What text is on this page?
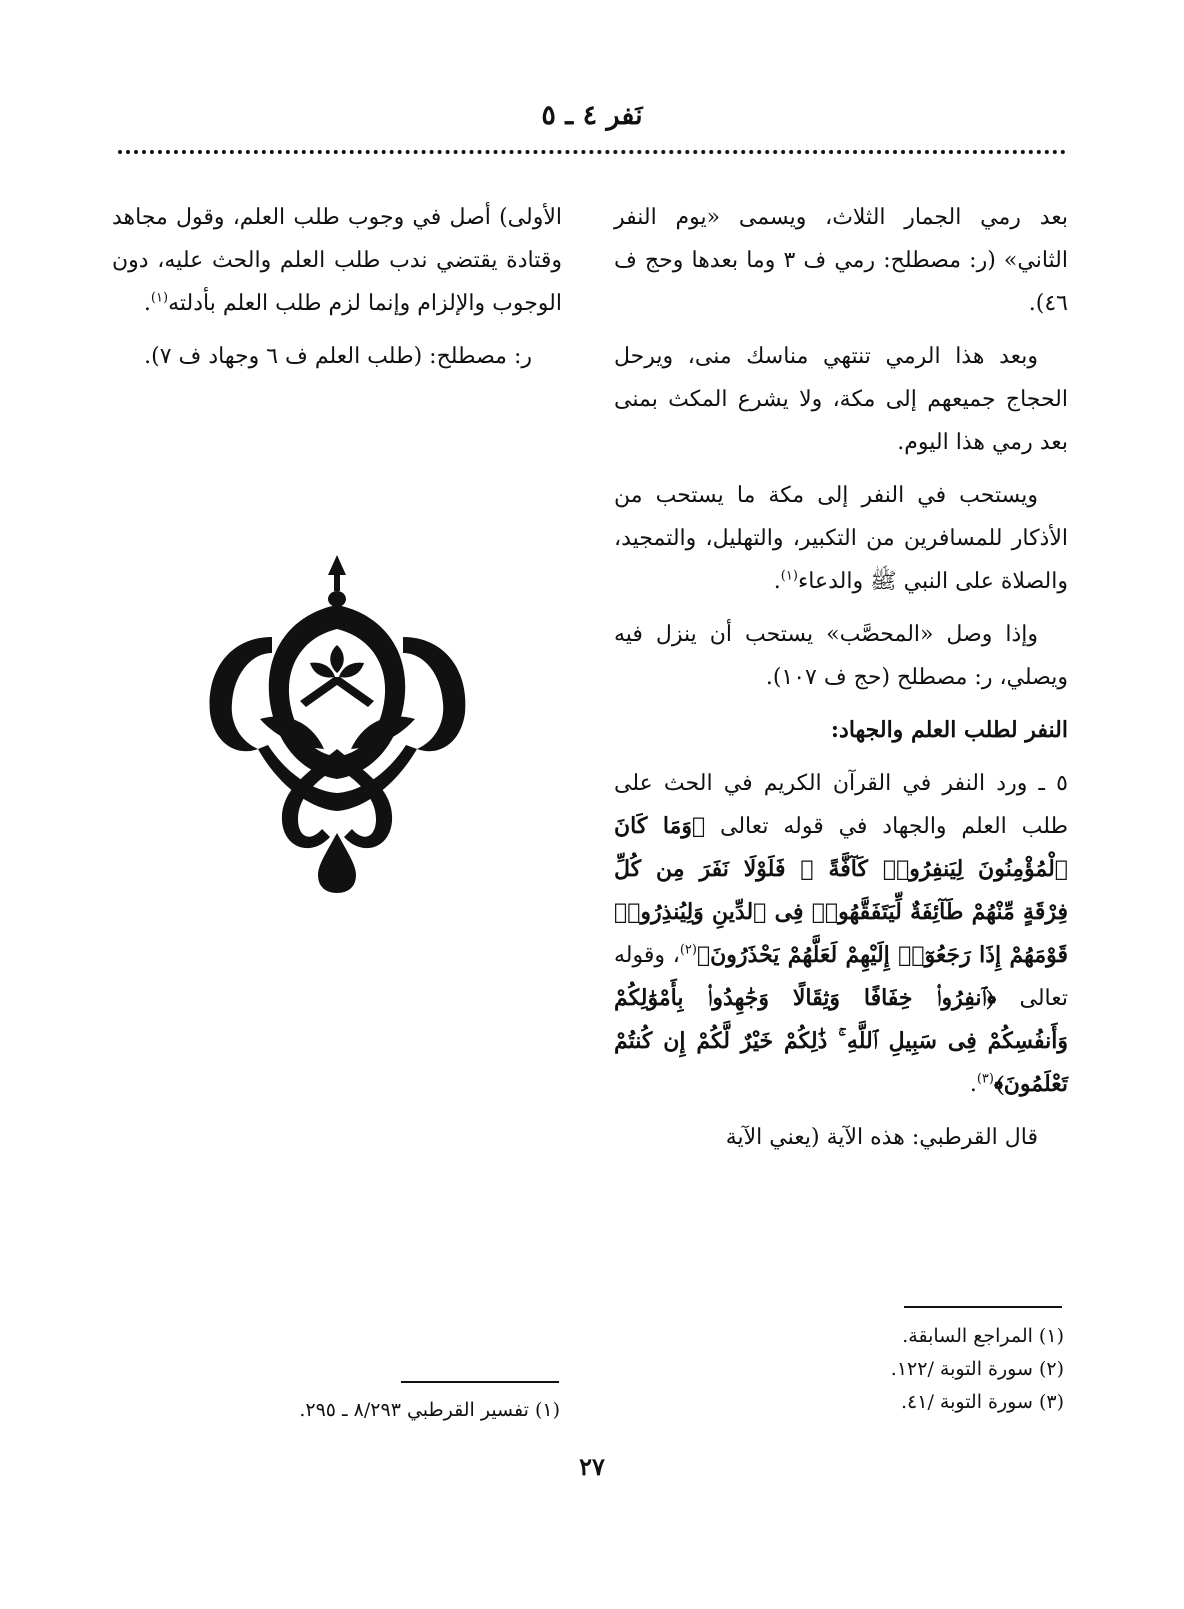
نَفر ٤ ـ ٥

بعد رمي الجمار الثلاث، ويسمى «يوم النفر الثاني» (ر: مصطلح: رمي ف ٣ وما بعدها وحج ف ٤٦).

وبعد هذا الرمي تنتهي مناسك منى، ويرحل الحجاج جميعهم إلى مكة، ولا يشرع المكث بمنى بعد رمي هذا اليوم.

ويستحب في النفر إلى مكة ما يستحب من الأذكار للمسافرين من التكبير، والتهليل، والتمجيد، والصلاة على النبي ﷺ والدعاء$^{(١)}$.

وإذا وصل «المحصَّب» يستحب أن ينزل فيه ويصلي، ر: مصطلح (حج ف ١٠٧).

النفر لطلب العلم والجهاد:

٥ ـ ورد النفر في القرآن الكريم في الحث على طلب العلم والجهاد في قوله تعالى ﴿وَمَا كَانَ ٱلْمُؤْمِنُونَ لِيَنفِرُوا۟ كَآفَّةً ۚ فَلَوْلَا نَفَرَ مِن كُلِّ فِرْقَةٍ مِّنْهُمْ طَآئِفَةٌ لِّيَتَفَقَّهُوا۟ فِى ٱلدِّينِ وَلِيُنذِرُوا۟ قَوْمَهُمْ إِذَا رَجَعُوٓا۟ إِلَيْهِمْ لَعَلَّهُمْ يَحْذَرُونَ﴾$^{(٢)}$، وقوله تعالى ﴿ٱنفِرُوا۟ خِفَافًا وَثِقَالًا وَجَٰهِدُوا۟ بِأَمْوَٰلِكُمْ وَأَنفُسِكُمْ فِى سَبِيلِ ٱللَّهِ ۚ ذَٰلِكُمْ خَيْرٌ لَّكُمْ إِن كُنتُمْ تَعْلَمُونَ﴾$^{(٣)}$.

قال القرطبي: هذه الآية (يعني الآية

الأولى) أصل في وجوب طلب العلم، وقول مجاهد وقتادة يقتضي ندب طلب العلم والحث عليه، دون الوجوب والإلزام وإنما لزم طلب العلم بأدلته$^{(١)}$.

ر: مصطلح: (طلب العلم ف ٦ وجهاد ف ٧).

(١) المراجع السابقة.
(٢) سورة التوبة /١٢٢.
(٣) سورة التوبة /٤١.
(١) تفسير القرطبي ٨/٢٩٣ ـ ٢٩٥.
٢٧
